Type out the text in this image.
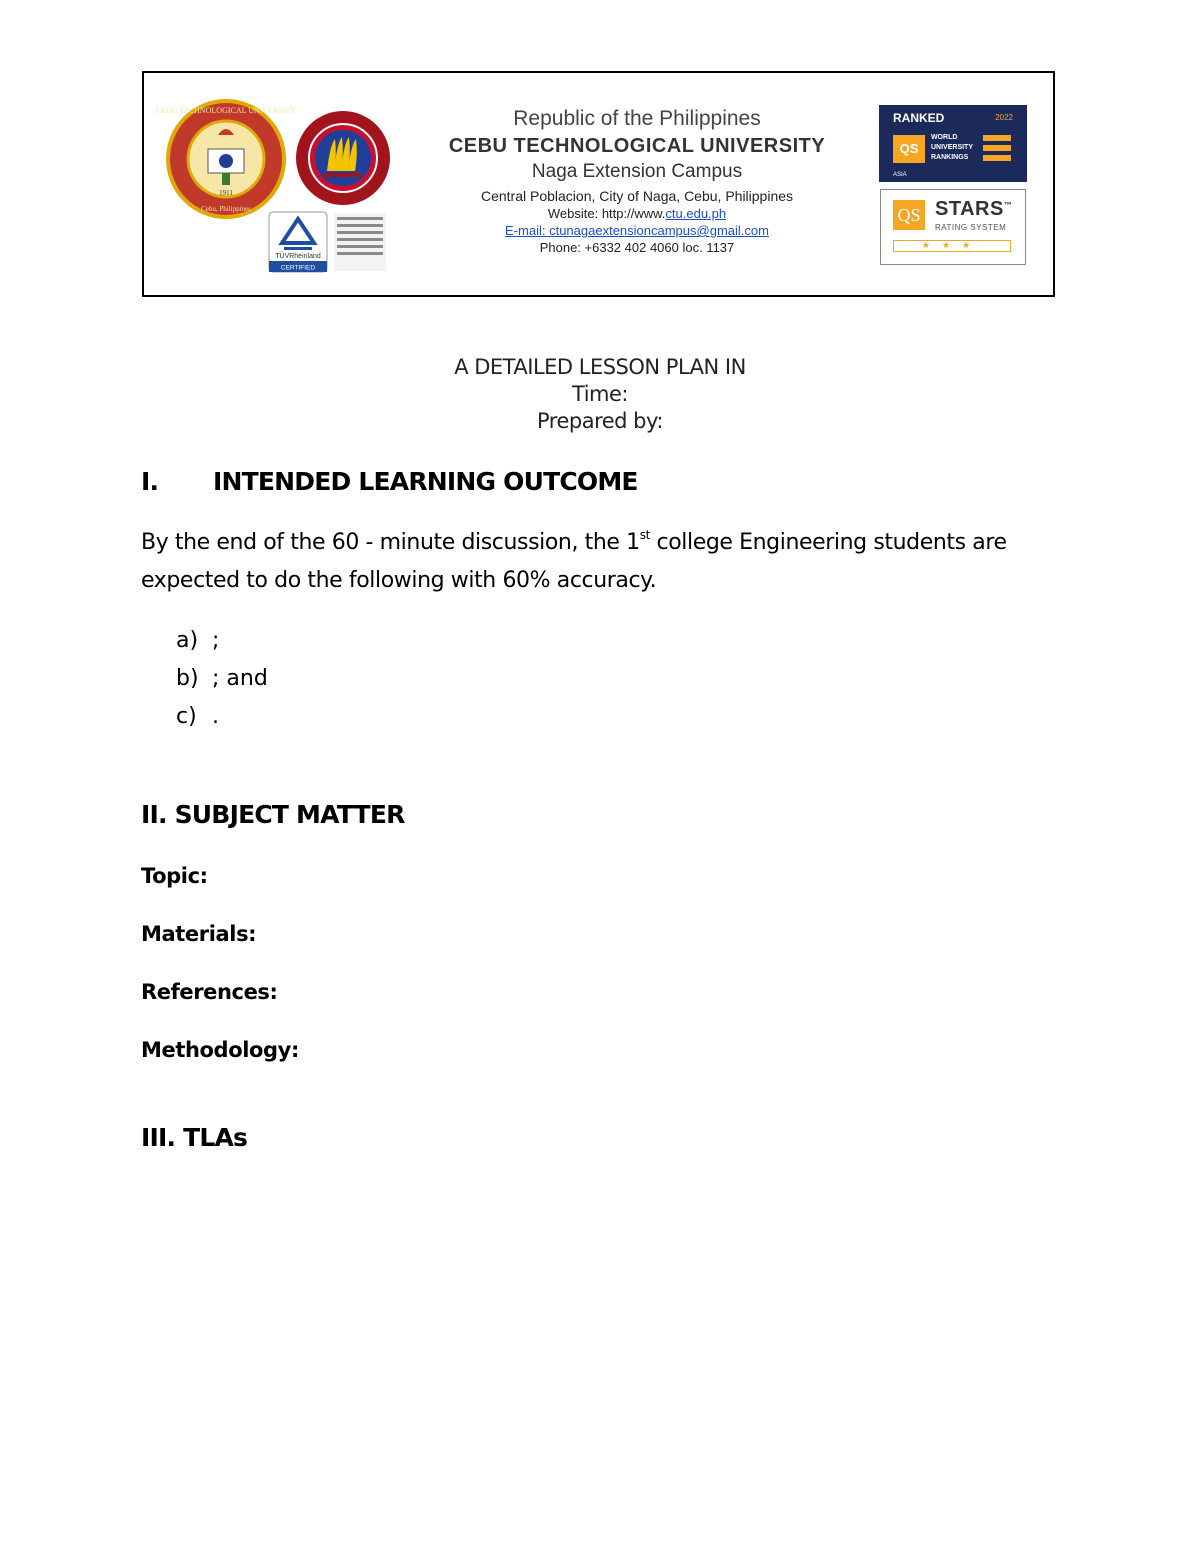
CEBU TECHNOLOGICAL UNIVERSITY
Cebu, Philippines
1911
TÜVRheinland
CERTIFIED
Republic of the Philippines
CEBU TECHNOLOGICAL UNIVERSITY
Naga Extension Campus
Central Poblacion, City of Naga, Cebu, Philippines
Website: http://www.ctu.edu.ph
E-mail: ctunagaextensioncampus@gmail.com
Phone: +6332 402 4060 loc. 1137
RANKED	2022
QS
WORLD
UNIVERSITY
RANKINGS
ASIA
QS STARS™
RATING SYSTEM
★★★
A DETAILED LESSON PLAN IN
Time:
Prepared by:
I. INTENDED LEARNING OUTCOME
By the end of the 60 - minute discussion, the 1st college Engineering students are expected to do the following with 60% accuracy.
a) ;
b) ; and
c) .
II. SUBJECT MATTER
Topic:
Materials:
References:
Methodology:
III. TLAs
